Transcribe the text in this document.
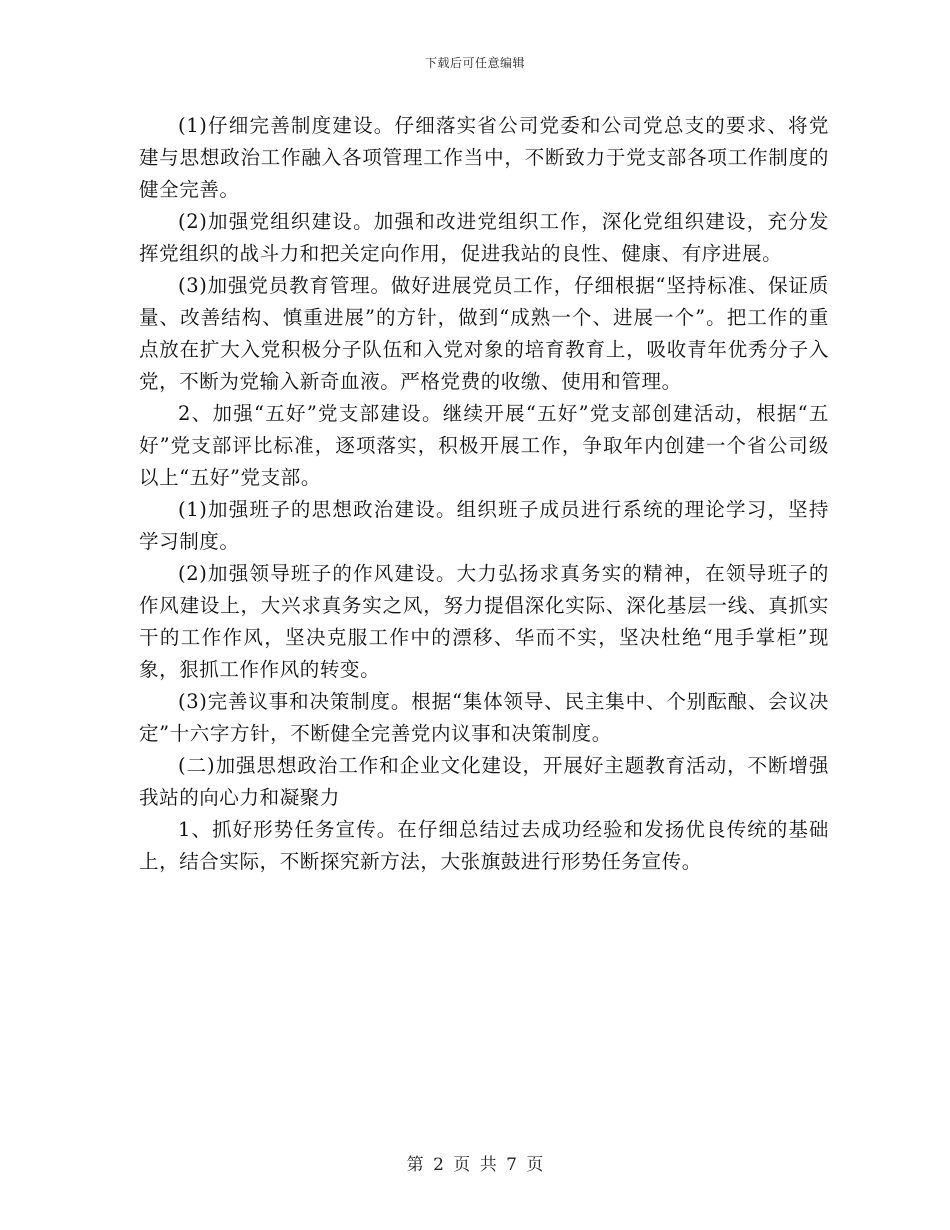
下载后可任意编辑

(1)仔细完善制度建设。仔细落实省公司党委和公司党总支的要求、将党建与思想政治工作融入各项管理工作当中，不断致力于党支部各项工作制度的健全完善。

(2)加强党组织建设。加强和改进党组织工作，深化党组织建设，充分发挥党组织的战斗力和把关定向作用，促进我站的良性、健康、有序进展。

(3)加强党员教育管理。做好进展党员工作，仔细根据“坚持标准、保证质量、改善结构、慎重进展”的方针，做到“成熟一个、进展一个”。把工作的重点放在扩大入党积极分子队伍和入党对象的培育教育上，吸收青年优秀分子入党，不断为党输入新奇血液。严格党费的收缴、使用和管理。

2、加强“五好”党支部建设。继续开展“五好”党支部创建活动，根据“五好”党支部评比标准，逐项落实，积极开展工作，争取年内创建一个省公司级以上“五好”党支部。

(1)加强班子的思想政治建设。组织班子成员进行系统的理论学习，坚持学习制度。

(2)加强领导班子的作风建设。大力弘扬求真务实的精神，在领导班子的作风建设上，大兴求真务实之风，努力提倡深化实际、深化基层一线、真抓实干的工作作风，坚决克服工作中的漂移、华而不实，坚决杜绝“甩手掌柜”现象，狠抓工作作风的转变。

(3)完善议事和决策制度。根据“集体领导、民主集中、个别酝酿、会议决定”十六字方针，不断健全完善党内议事和决策制度。

(二)加强思想政治工作和企业文化建设，开展好主题教育活动，不断增强我站的向心力和凝聚力

1、抓好形势任务宣传。在仔细总结过去成功经验和发扬优良传统的基础上，结合实际，不断探究新方法，大张旗鼓进行形势任务宣传。

第 2 页 共 7 页
